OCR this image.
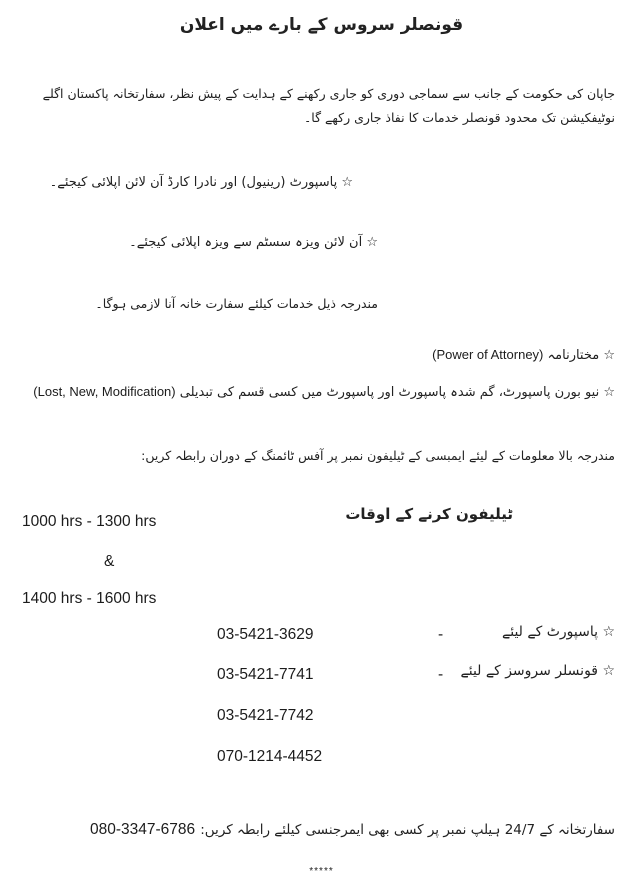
قونصلر سروس کے بارے میں اعلان
جاپان کی حکومت کے جانب سے سماجی دوری کو جاری رکھنے کے ہدایت کے پیش نظر، سفارتخانہ پاکستان اگلے نوٹیفکیشن تک محدود قونصلر خدمات کا نفاذ جاری رکھے گا۔
☆ پاسپورٹ (رینیول) اور نادرا کارڈ آن لائن اپلائی کیجئے۔
☆ آن لائن ویزہ سسٹم سے ویزہ اپلائی کیجئے۔
مندرجہ ذیل خدمات کیلئے سفارت خانہ آنا لازمی ہوگا۔
(Power of Attorney) ☆ مختارنامہ
(Lost, New, Modification) ☆ نیو بورن پاسپورٹ، گم شدہ پاسپورٹ اور پاسپورٹ میں کسی قسم کی تبدیلی
مندرجہ بالا معلومات کے لیئے ایمبسی کے ٹیلیفون نمبر پر آفس ٹائمنگ کے دوران رابطہ کریں:
ٹیلیفون کرنے کے اوقات
1000 hrs - 1300 hrs
&
1400 hrs - 1600 hrs
03-5421-3629
03-5421-7741
03-5421-7742
070-1214-4452
-
-
☆ پاسپورٹ کے لیئے
☆ قونسلر سروسز کے لیئے
سفارتخانہ کے 24/7 ہیلپ نمبر پر کسی بھی ایمرجنسی کیلئے رابطہ کریں:
080-3347-6786
*****
